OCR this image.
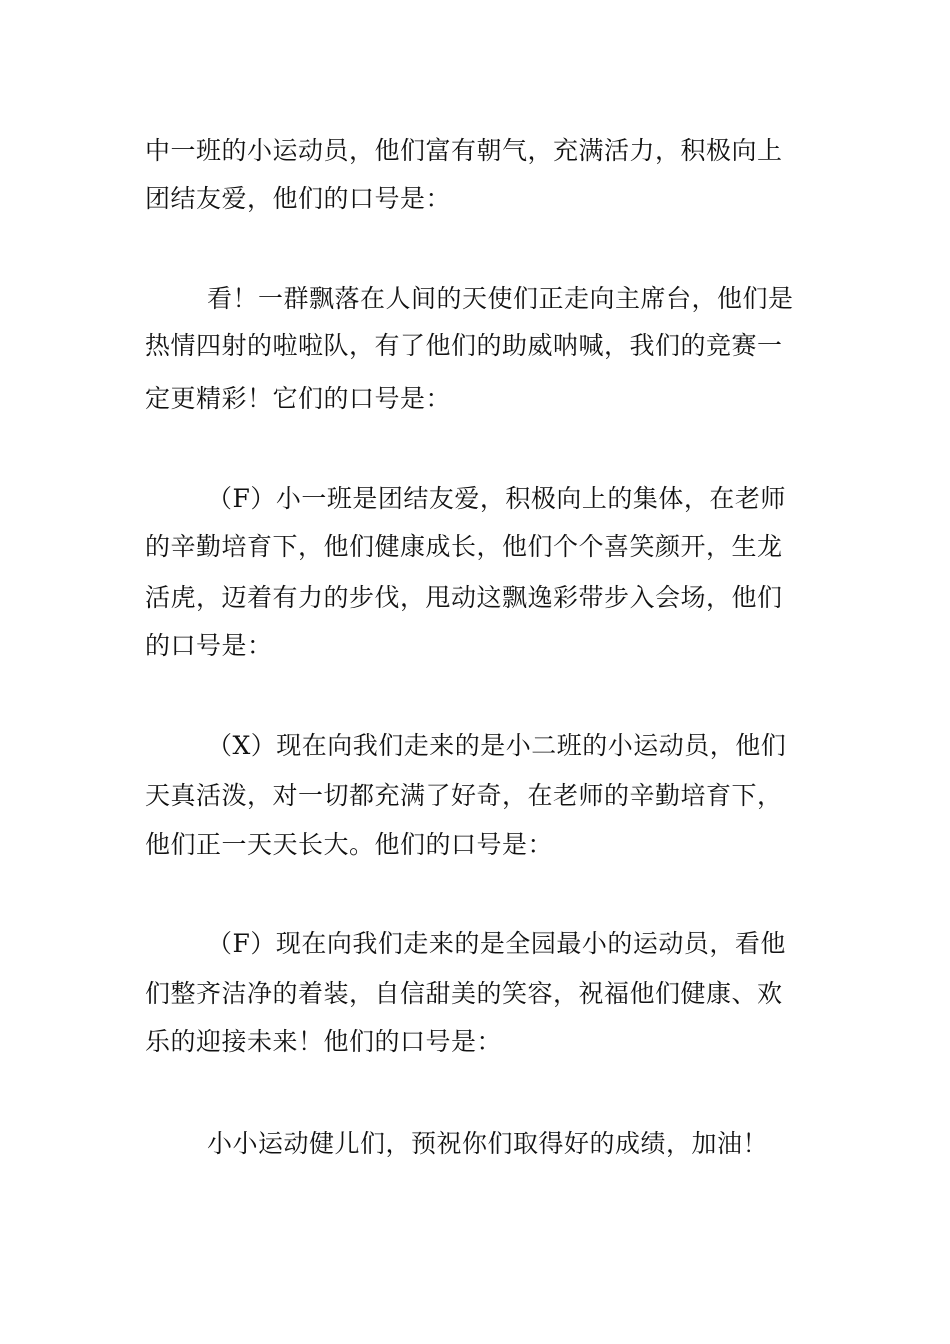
中一班的小运动员，他们富有朝气，充满活力，积极向上
团结友爱，他们的口号是：
看！一群飘落在人间的天使们正走向主席台，他们是
热情四射的啦啦队，有了他们的助威呐喊，我们的竞赛一
定更精彩！它们的口号是：
（F）小一班是团结友爱，积极向上的集体，在老师
的辛勤培育下，他们健康成长，他们个个喜笑颜开，生龙
活虎，迈着有力的步伐，甩动这飘逸彩带步入会场，他们
的口号是：
（X）现在向我们走来的是小二班的小运动员，他们
天真活泼，对一切都充满了好奇，在老师的辛勤培育下，
他们正一天天长大。他们的口号是：
（F）现在向我们走来的是全园最小的运动员，看他
们整齐洁净的着装，自信甜美的笑容，祝福他们健康、欢
乐的迎接未来！他们的口号是：
小小运动健儿们，预祝你们取得好的成绩，加油！
